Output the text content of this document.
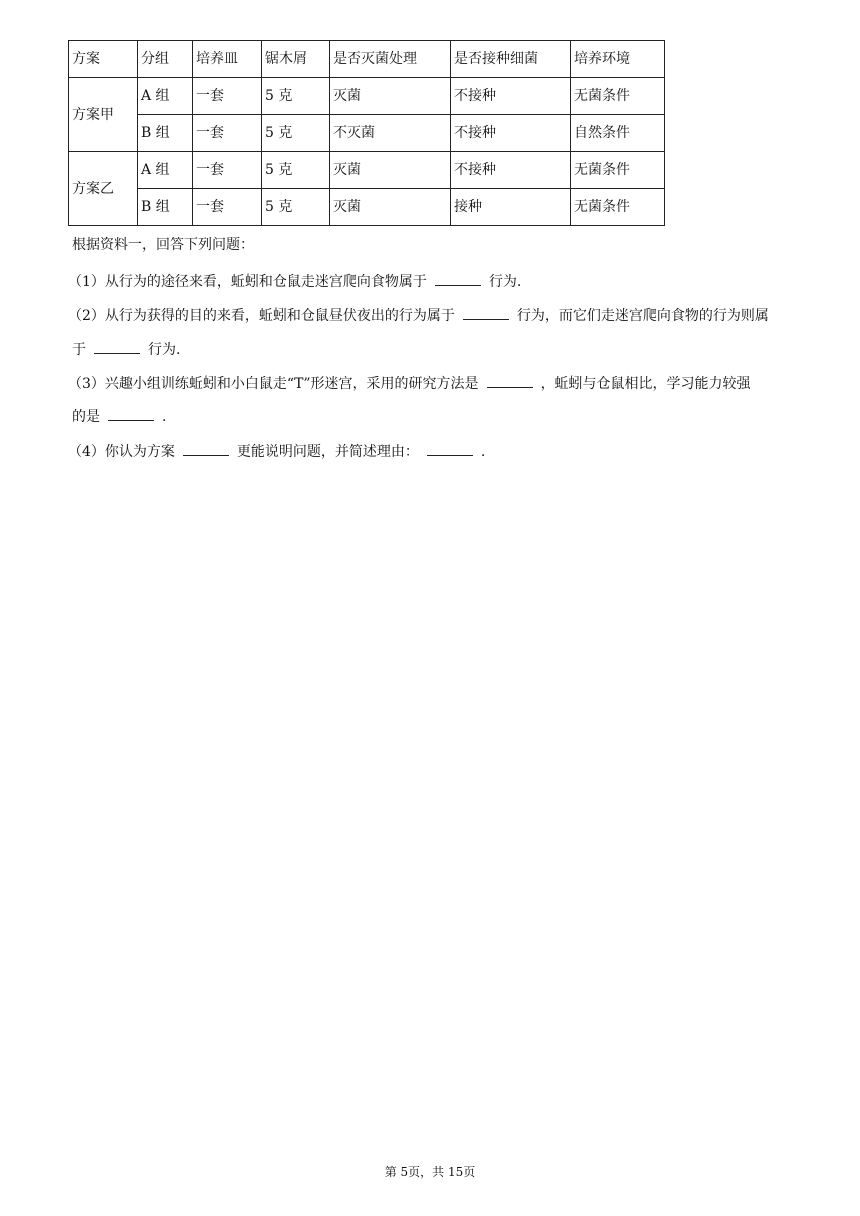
方案	分组	培养皿	锯木屑	是否灭菌处理	是否接种细菌	培养环境
方案甲	A 组	一套	5 克	灭菌	不接种	无菌条件
	B 组	一套	5 克	不灭菌	不接种	自然条件
方案乙	A 组	一套	5 克	灭菌	不接种	无菌条件
	B 组	一套	5 克	灭菌	接种	无菌条件
根据资料一，回答下列问题：
（1）从行为的途径来看，蚯蚓和仓鼠走迷宫爬向食物属于	行为.
（2）从行为获得的目的来看，蚯蚓和仓鼠昼伏夜出的行为属于	行为，而它们走迷宫爬向食物的行为则属
于	行为.
（3）兴趣小组训练蚯蚓和小白鼠走“T”形迷宫，采用的研究方法是	，蚯蚓与仓鼠相比，学习能力较强
的是	.
（4）你认为方案	更能说明问题，并简述理由：	.
第 5页，共 15页
